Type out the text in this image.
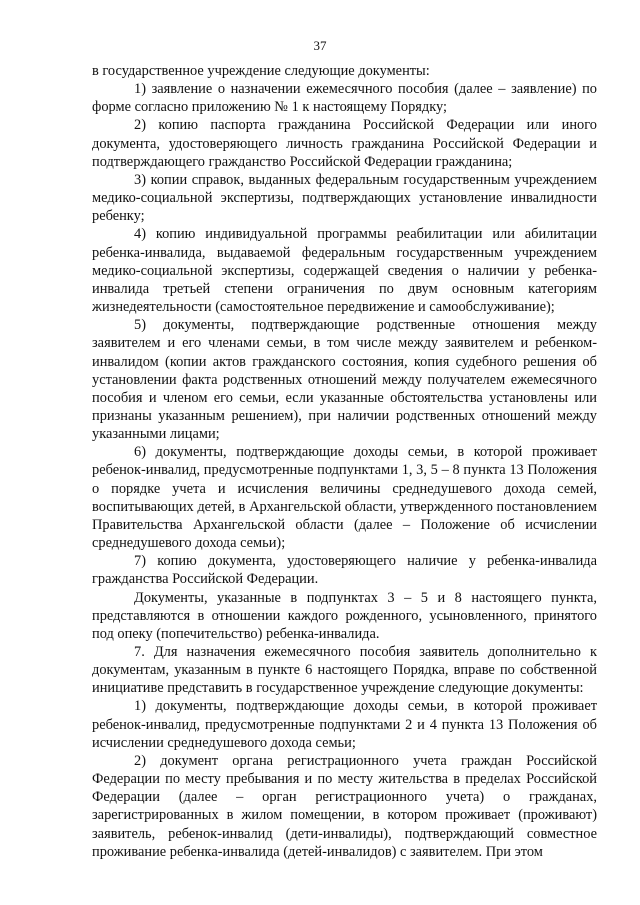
37

в государственное учреждение следующие документы:

1) заявление о назначении ежемесячного пособия (далее – заявление) по форме согласно приложению № 1 к настоящему Порядку;

2) копию паспорта гражданина Российской Федерации или иного документа, удостоверяющего личность гражданина Российской Федерации и подтверждающего гражданство Российской Федерации гражданина;

3) копии справок, выданных федеральным государственным учреждением медико-социальной экспертизы, подтверждающих установление инвалидности ребенку;

4) копию индивидуальной программы реабилитации или абилитации ребенка-инвалида, выдаваемой федеральным государственным учреждением медико-социальной экспертизы, содержащей сведения о наличии у ребенка-инвалида третьей степени ограничения по двум основным категориям жизнедеятельности (самостоятельное передвижение и самообслуживание);

5) документы, подтверждающие родственные отношения между заявителем и его членами семьи, в том числе между заявителем и ребенком-инвалидом (копии актов гражданского состояния, копия судебного решения об установлении факта родственных отношений между получателем ежемесячного пособия и членом его семьи, если указанные обстоятельства установлены или признаны указанным решением), при наличии родственных отношений между указанными лицами;

6) документы, подтверждающие доходы семьи, в которой проживает ребенок-инвалид, предусмотренные подпунктами 1, 3, 5 – 8 пункта 13 Положения о порядке учета и исчисления величины среднедушевого дохода семей, воспитывающих детей, в Архангельской области, утвержденного постановлением Правительства Архангельской области (далее – Положение об исчислении среднедушевого дохода семьи);

7) копию документа, удостоверяющего наличие у ребенка-инвалида гражданства Российской Федерации.

Документы, указанные в подпунктах 3 – 5 и 8 настоящего пункта, представляются в отношении каждого рожденного, усыновленного, принятого под опеку (попечительство) ребенка-инвалида.

7. Для назначения ежемесячного пособия заявитель дополнительно к документам, указанным в пункте 6 настоящего Порядка, вправе по собственной инициативе представить в государственное учреждение следующие документы:

1) документы, подтверждающие доходы семьи, в которой проживает ребенок-инвалид, предусмотренные подпунктами 2 и 4 пункта 13 Положения об исчислении среднедушевого дохода семьи;

2) документ органа регистрационного учета граждан Российской Федерации по месту пребывания и по месту жительства в пределах Российской Федерации (далее – орган регистрационного учета) о гражданах, зарегистрированных в жилом помещении, в котором проживает (проживают) заявитель, ребенок-инвалид (дети-инвалиды), подтверждающий совместное проживание ребенка-инвалида (детей-инвалидов) с заявителем. При этом
